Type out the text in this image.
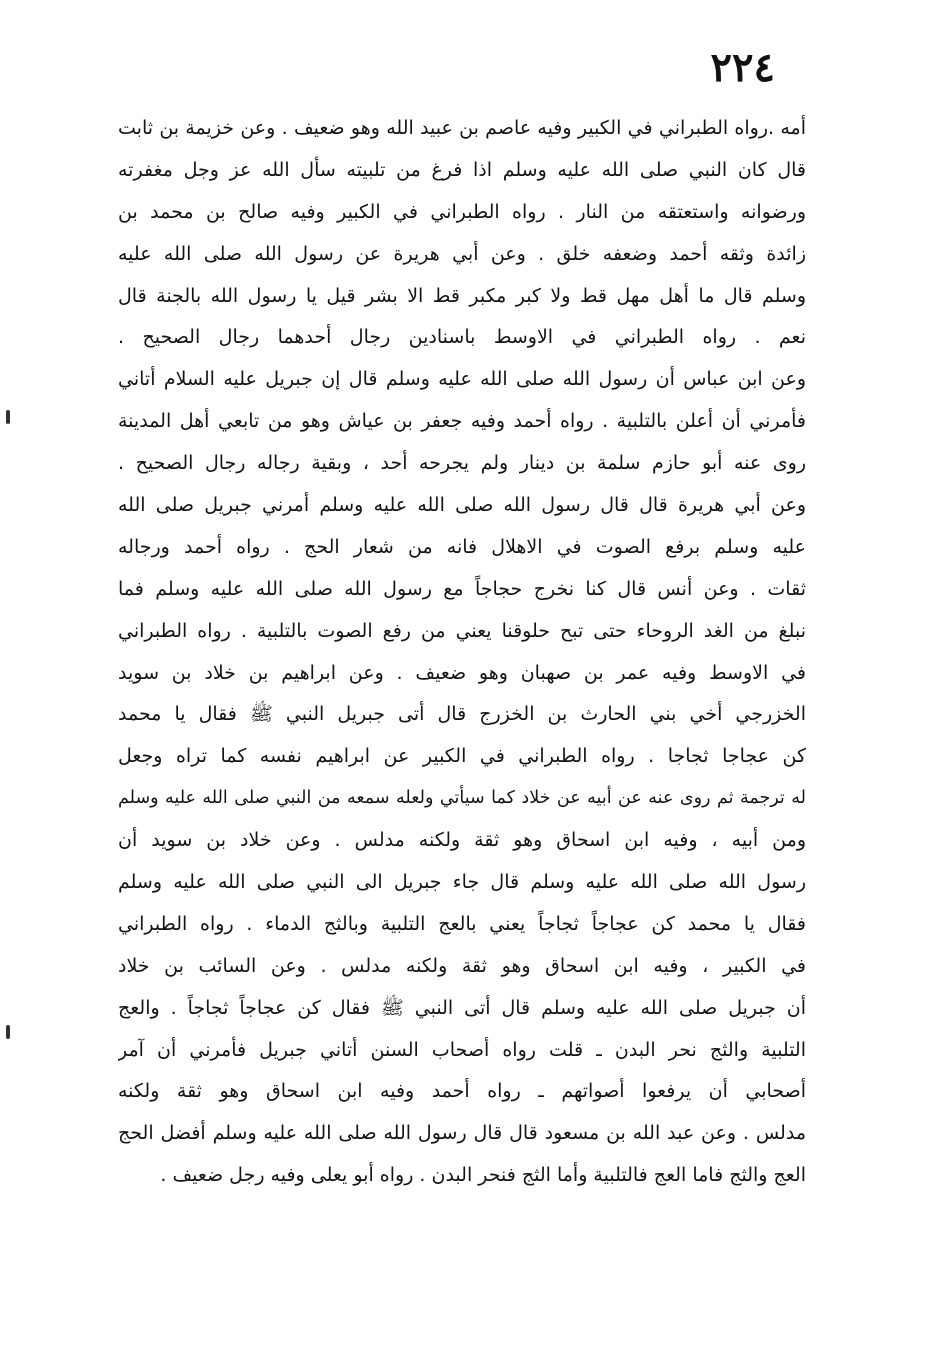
٢٢٤
أمه .رواه الطبراني في الكبير وفيه عاصم بن عبيد الله وهو ضعيف . وعن خزيمة بن ثابت
قال كان النبي صلى الله عليه وسلم اذا فرغ من تلبيته سأل الله عز وجل مغفرته
ورضوانه واستعتقه من النار . رواه الطبراني في الكبير وفيه صالح بن محمد بن
زائدة وثقه أحمد وضعفه خلق . وعن أبي هريرة عن رسول الله صلى الله عليه
وسلم قال ما أهل مهل قط ولا كبر مكبر قط الا بشر قيل يا رسول الله بالجنة قال
نعم . رواه الطبراني في الاوسط باسنادين رجال أحدهما رجال الصحيح .
وعن ابن عباس أن رسول الله صلى الله عليه وسلم قال إن جبريل عليه السلام أتاني
فأمرني أن أعلن بالتلبية . رواه أحمد وفيه جعفر بن عياش وهو من تابعي أهل المدينة
روى عنه أبو حازم سلمة بن دينار ولم يجرحه أحد ، وبقية رجاله رجال الصحيح .
وعن أبي هريرة قال قال رسول الله صلى الله عليه وسلم أمرني جبريل صلى الله
عليه وسلم برفع الصوت في الاهلال فانه من شعار الحج . رواه أحمد ورجاله
ثقات . وعن أنس قال كنا نخرج حجاجاً مع رسول الله صلى الله عليه وسلم فما
نبلغ من الغد الروحاء حتى تبح حلوقنا يعني من رفع الصوت بالتلبية . رواه الطبراني
في الاوسط وفيه عمر بن صهبان وهو ضعيف . وعن ابراهيم بن خلاد بن سويد
الخزرجي أخي بني الحارث بن الخزرج قال أتى جبريل النبي ﷺ فقال يا محمد
كن عجاجا ثجاجا . رواه الطبراني في الكبير عن ابراهيم نفسه كما تراه وجعل
له ترجمة ثم روى عنه عن أبيه عن خلاد كما سيأتي ولعله سمعه من النبي صلى الله عليه وسلم
ومن أبيه ، وفيه ابن اسحاق وهو ثقة ولكنه مدلس . وعن خلاد بن سويد أن
رسول الله صلى الله عليه وسلم قال جاء جبريل الى النبي صلى الله عليه وسلم
فقال يا محمد كن عجاجاً ثجاجاً يعني بالعج التلبية وبالثج الدماء . رواه الطبراني
في الكبير ، وفيه ابن اسحاق وهو ثقة ولكنه مدلس . وعن السائب بن خلاد
أن جبريل صلى الله عليه وسلم قال أتى النبي ﷺ فقال كن عجاجاً ثجاجاً . والعج
التلبية والثج نحر البدن ـ قلت رواه أصحاب السنن أتاني جبريل فأمرني أن آمر
أصحابي أن يرفعوا أصواتهم ـ رواه أحمد وفيه ابن اسحاق وهو ثقة ولكنه
مدلس . وعن عبد الله بن مسعود قال قال رسول الله صلى الله عليه وسلم أفضل الحج
العج والثج فاما العج فالتلبية وأما الثج فنحر البدن . رواه أبو يعلى وفيه رجل ضعيف .
